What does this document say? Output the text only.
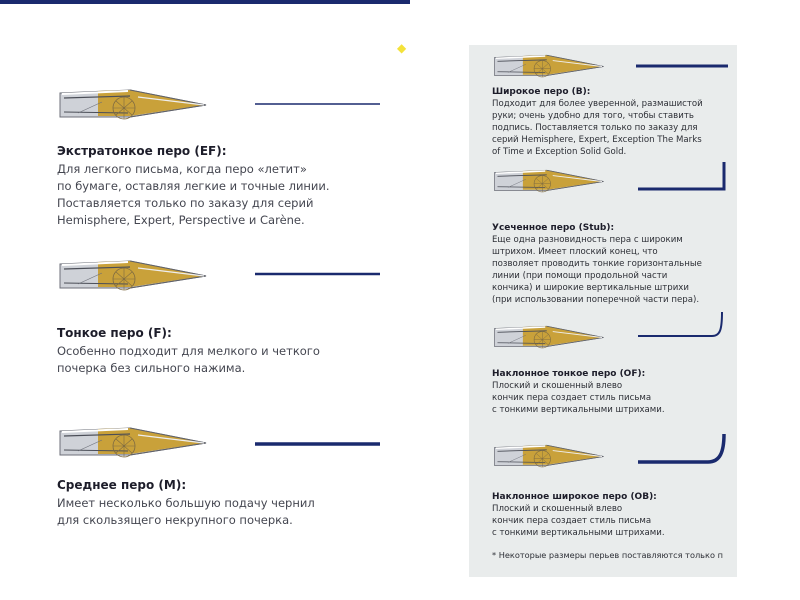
◆
Экстратонкое перо (EF):
Для легкого письма, когда перо «летит»
по бумаге, оставляя легкие и точные линии.
Поставляется только по заказу для серий
Hemisphere, Expert, Perspective и Carène.
Тонкое перо (F):
Особенно подходит для мелкого и четкого
почерка без сильного нажима.
Среднее перо (M):
Имеет несколько большую подачу чернил
для скользящего некрупного почерка.
Широкое перо (B):
Подходит для более уверенной, размашистой
руки; очень удобно для того, чтобы ставить
подпись. Поставляется только по заказу для
серий Hemisphere, Expert, Exception The Marks
of Time и Exception Solid Gold.
Усеченное перо (Stub):
Еще одна разновидность пера с широким
штрихом. Имеет плоский конец, что
позволяет проводить тонкие горизонтальные
линии (при помощи продольной части
кончика) и широкие вертикальные штрихи
(при использовании поперечной части пера).
Наклонное тонкое перо (OF):
Плоский и скошенный влево
кончик пера создает стиль письма
с тонкими вертикальными штрихами.
Наклонное широкое перо (OB):
Плоский и скошенный влево
кончик пера создает стиль письма
с тонкими вертикальными штрихами.
* Некоторые размеры перьев поставляются только п
